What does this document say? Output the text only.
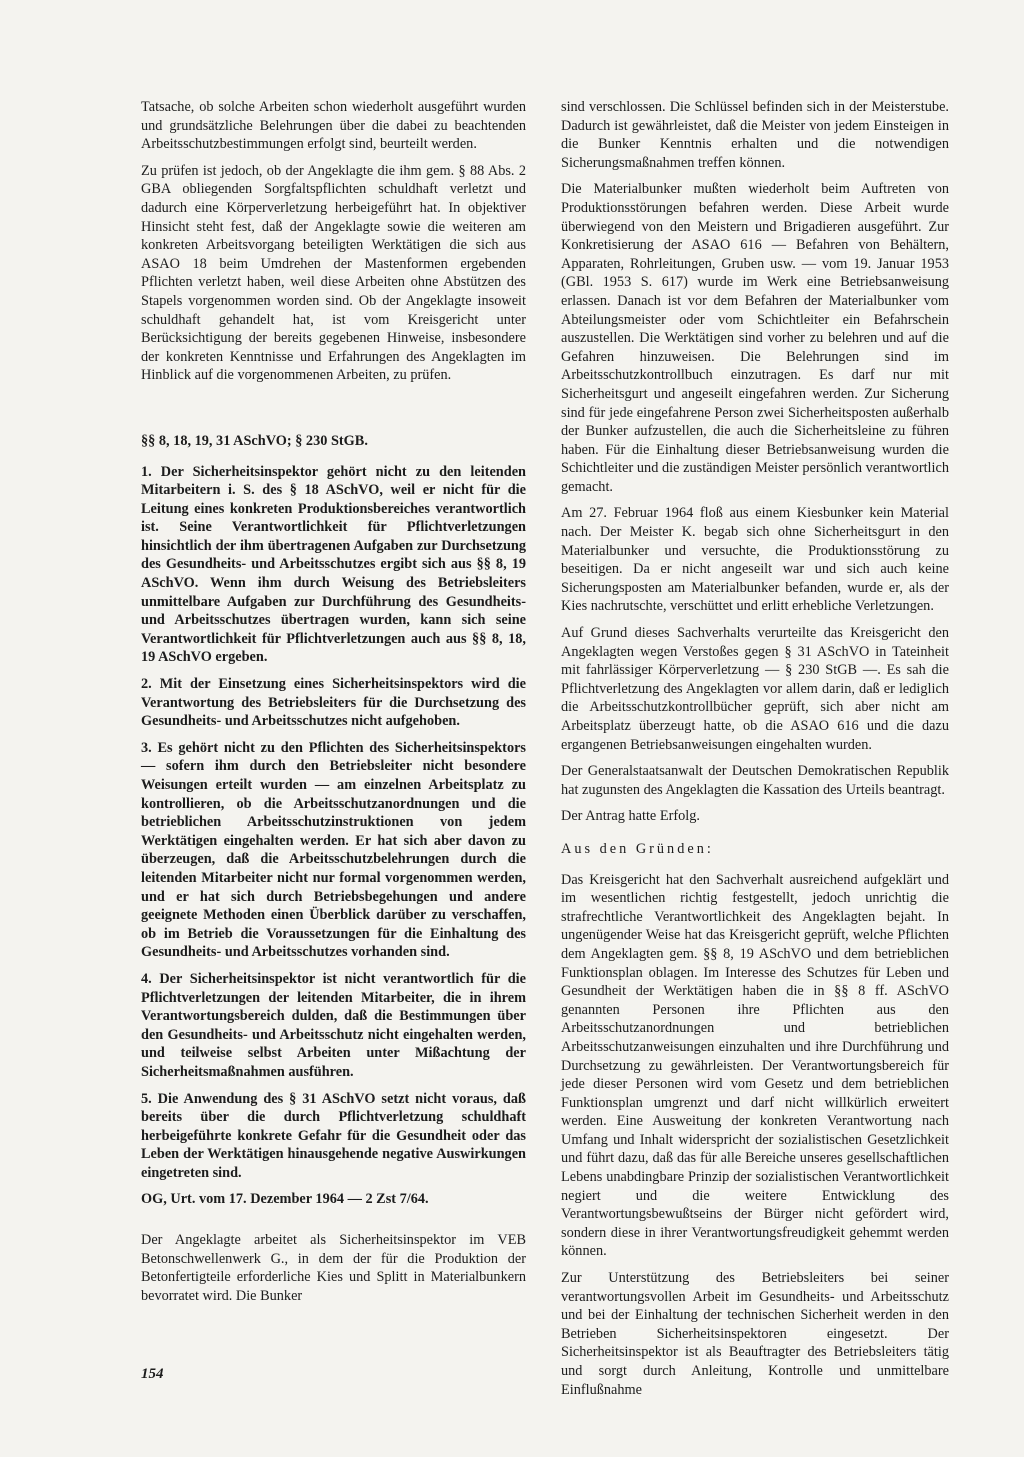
Tatsache, ob solche Arbeiten schon wiederholt ausgeführt wurden und grundsätzliche Belehrungen über die dabei zu beachtenden Arbeitsschutzbestimmungen erfolgt sind, beurteilt werden.

Zu prüfen ist jedoch, ob der Angeklagte die ihm gem. § 88 Abs. 2 GBA obliegenden Sorgfaltspflichten schuldhaft verletzt und dadurch eine Körperverletzung herbeigeführt hat. In objektiver Hinsicht steht fest, daß der Angeklagte sowie die weiteren am konkreten Arbeitsvorgang beteiligten Werktätigen die sich aus ASAO 18 beim Umdrehen der Mastenformen ergebenden Pflichten verletzt haben, weil diese Arbeiten ohne Abstützen des Stapels vorgenommen worden sind. Ob der Angeklagte insoweit schuldhaft gehandelt hat, ist vom Kreisgericht unter Berücksichtigung der bereits gegebenen Hinweise, insbesondere der konkreten Kenntnisse und Erfahrungen des Angeklagten im Hinblick auf die vorgenommenen Arbeiten, zu prüfen.

§§ 8, 18, 19, 31 ASchVO; § 230 StGB.

1. Der Sicherheitsinspektor gehört nicht zu den leitenden Mitarbeitern i. S. des § 18 ASchVO, weil er nicht für die Leitung eines konkreten Produktionsbereiches verantwortlich ist. Seine Verantwortlichkeit für Pflichtverletzungen hinsichtlich der ihm übertragenen Aufgaben zur Durchsetzung des Gesundheits- und Arbeitsschutzes ergibt sich aus §§ 8, 19 ASchVO. Wenn ihm durch Weisung des Betriebsleiters unmittelbare Aufgaben zur Durchführung des Gesundheits- und Arbeitsschutzes übertragen wurden, kann sich seine Verantwortlichkeit für Pflichtverletzungen auch aus §§ 8, 18, 19 ASchVO ergeben.

2. Mit der Einsetzung eines Sicherheitsinspektors wird die Verantwortung des Betriebsleiters für die Durchsetzung des Gesundheits- und Arbeitsschutzes nicht aufgehoben.

3. Es gehört nicht zu den Pflichten des Sicherheitsinspektors — sofern ihm durch den Betriebsleiter nicht besondere Weisungen erteilt wurden — am einzelnen Arbeitsplatz zu kontrollieren, ob die Arbeitsschutzanordnungen und die betrieblichen Arbeitsschutzinstruktionen von jedem Werktätigen eingehalten werden. Er hat sich aber davon zu überzeugen, daß die Arbeitsschutzbelehrungen durch die leitenden Mitarbeiter nicht nur formal vorgenommen werden, und er hat sich durch Betriebsbegehungen und andere geeignete Methoden einen Überblick darüber zu verschaffen, ob im Betrieb die Voraussetzungen für die Einhaltung des Gesundheits- und Arbeitsschutzes vorhanden sind.

4. Der Sicherheitsinspektor ist nicht verantwortlich für die Pflichtverletzungen der leitenden Mitarbeiter, die in ihrem Verantwortungsbereich dulden, daß die Bestimmungen über den Gesundheits- und Arbeitsschutz nicht eingehalten werden, und teilweise selbst Arbeiten unter Mißachtung der Sicherheitsmaßnahmen ausführen.

5. Die Anwendung des § 31 ASchVO setzt nicht voraus, daß bereits über die durch Pflichtverletzung schuldhaft herbeigeführte konkrete Gefahr für die Gesundheit oder das Leben der Werktätigen hinausgehende negative Auswirkungen eingetreten sind.

OG, Urt. vom 17. Dezember 1964 — 2 Zst 7/64.

Der Angeklagte arbeitet als Sicherheitsinspektor im VEB Betonschwellenwerk G., in dem der für die Produktion der Betonfertigteile erforderliche Kies und Splitt in Materialbunkern bevorratet wird. Die Bunker

sind verschlossen. Die Schlüssel befinden sich in der Meisterstube. Dadurch ist gewährleistet, daß die Meister von jedem Einsteigen in die Bunker Kenntnis erhalten und die notwendigen Sicherungsmaßnahmen treffen können.

Die Materialbunker mußten wiederholt beim Auftreten von Produktionsstörungen befahren werden. Diese Arbeit wurde überwiegend von den Meistern und Brigadieren ausgeführt. Zur Konkretisierung der ASAO 616 — Befahren von Behältern, Apparaten, Rohrleitungen, Gruben usw. — vom 19. Januar 1953 (GBl. 1953 S. 617) wurde im Werk eine Betriebsanweisung erlassen. Danach ist vor dem Befahren der Materialbunker vom Abteilungsmeister oder vom Schichtleiter ein Befahrschein auszustellen. Die Werktätigen sind vorher zu belehren und auf die Gefahren hinzuweisen. Die Belehrungen sind im Arbeitsschutzkontrollbuch einzutragen. Es darf nur mit Sicherheitsgurt und angeseilt eingefahren werden. Zur Sicherung sind für jede eingefahrene Person zwei Sicherheitsposten außerhalb der Bunker aufzustellen, die auch die Sicherheitsleine zu führen haben. Für die Einhaltung dieser Betriebsanweisung wurden die Schichtleiter und die zuständigen Meister persönlich verantwortlich gemacht.

Am 27. Februar 1964 floß aus einem Kiesbunker kein Material nach. Der Meister K. begab sich ohne Sicherheitsgurt in den Materialbunker und versuchte, die Produktionsstörung zu beseitigen. Da er nicht angeseilt war und sich auch keine Sicherungsposten am Materialbunker befanden, wurde er, als der Kies nachrutschte, verschüttet und erlitt erhebliche Verletzungen.

Auf Grund dieses Sachverhalts verurteilte das Kreisgericht den Angeklagten wegen Verstoßes gegen § 31 ASchVO in Tateinheit mit fahrlässiger Körperverletzung — § 230 StGB —. Es sah die Pflichtverletzung des Angeklagten vor allem darin, daß er lediglich die Arbeitsschutzkontrollbücher geprüft, sich aber nicht am Arbeitsplatz überzeugt hatte, ob die ASAO 616 und die dazu ergangenen Betriebsanweisungen eingehalten wurden.

Der Generalstaatsanwalt der Deutschen Demokratischen Republik hat zugunsten des Angeklagten die Kassation des Urteils beantragt.

Der Antrag hatte Erfolg.

Aus den Gründen:

Das Kreisgericht hat den Sachverhalt ausreichend aufgeklärt und im wesentlichen richtig festgestellt, jedoch unrichtig die strafrechtliche Verantwortlichkeit des Angeklagten bejaht. In ungenügender Weise hat das Kreisgericht geprüft, welche Pflichten dem Angeklagten gem. §§ 8, 19 ASchVO und dem betrieblichen Funktionsplan oblagen. Im Interesse des Schutzes für Leben und Gesundheit der Werktätigen haben die in §§ 8 ff. ASchVO genannten Personen ihre Pflichten aus den Arbeitsschutzanordnungen und betrieblichen Arbeitsschutzanweisungen einzuhalten und ihre Durchführung und Durchsetzung zu gewährleisten. Der Verantwortungsbereich für jede dieser Personen wird vom Gesetz und dem betrieblichen Funktionsplan umgrenzt und darf nicht willkürlich erweitert werden. Eine Ausweitung der konkreten Verantwortung nach Umfang und Inhalt widerspricht der sozialistischen Gesetzlichkeit und führt dazu, daß das für alle Bereiche unseres gesellschaftlichen Lebens unabdingbare Prinzip der sozialistischen Verantwortlichkeit negiert und die weitere Entwicklung des Verantwortungsbewußtseins der Bürger nicht gefördert wird, sondern diese in ihrer Verantwortungsfreudigkeit gehemmt werden können.

Zur Unterstützung des Betriebsleiters bei seiner verantwortungsvollen Arbeit im Gesundheits- und Arbeitsschutz und bei der Einhaltung der technischen Sicherheit werden in den Betrieben Sicherheitsinspektoren eingesetzt. Der Sicherheitsinspektor ist als Beauftragter des Betriebsleiters tätig und sorgt durch Anleitung, Kontrolle und unmittelbare Einflußnahme

154
